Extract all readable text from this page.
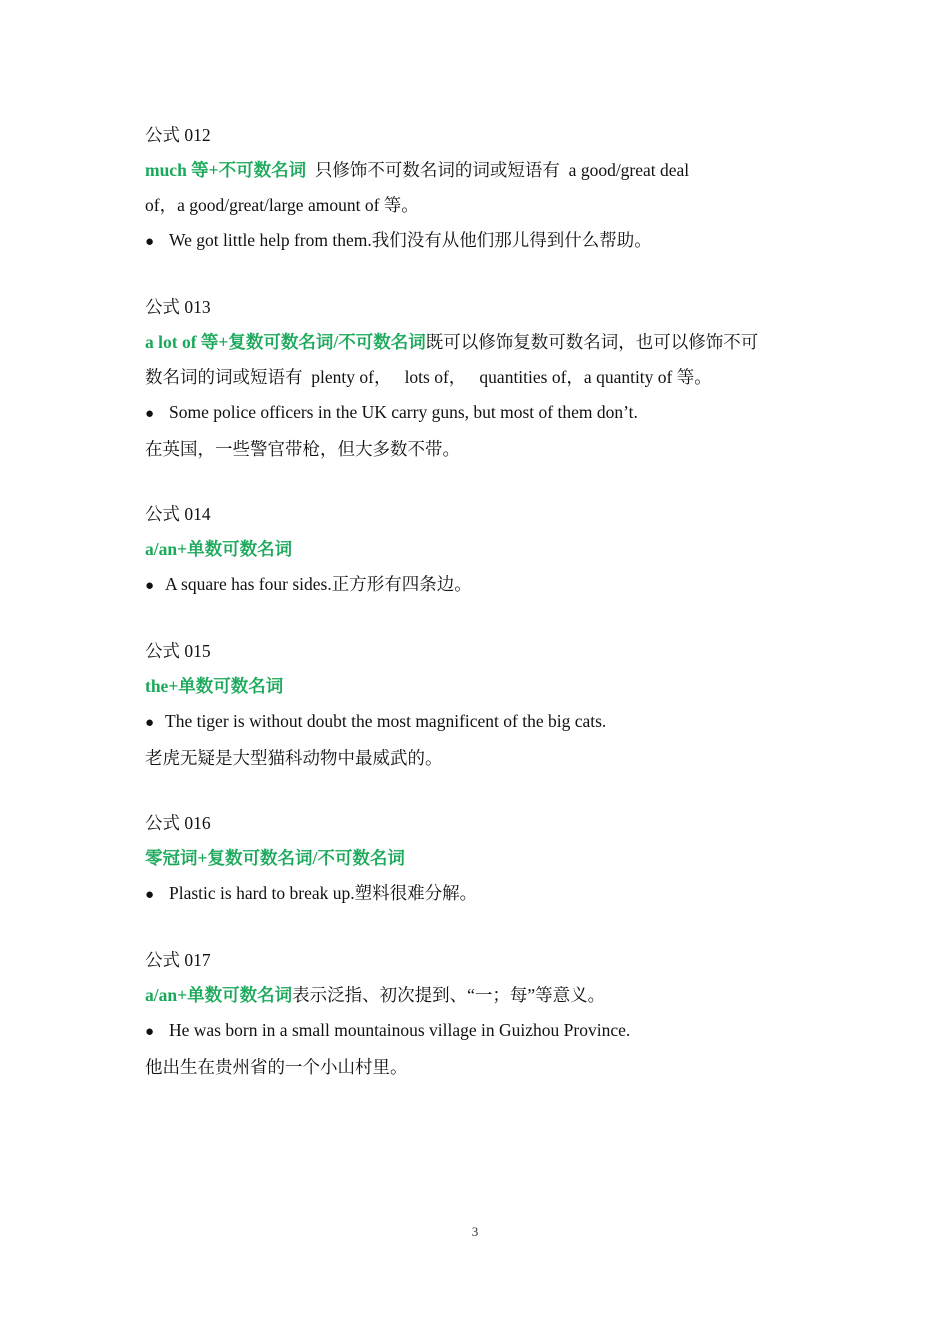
公式 012
much 等+不可数名词  只修饰不可数名词的词或短语有  a good/great deal
of，a good/great/large amount of 等。
● We got little help from them.我们没有从他们那儿得到什么帮助。
公式 013
a lot of 等+复数可数名词/不可数名词既可以修饰复数可数名词，也可以修饰不可
数名词的词或短语有  plenty of，   lots of，   quantities of，a quantity of 等。
● Some police officers in the UK carry guns, but most of them don’t.
在英国，一些警官带枪，但大多数不带。
公式 014
a/an+单数可数名词
● A square has four sides.正方形有四条边。
公式 015
the+单数可数名词
● The tiger is without doubt the most magnificent of the big cats.
老虎无疑是大型猫科动物中最威武的。
公式 016
零冠词+复数可数名词/不可数名词
● Plastic is hard to break up.塑料很难分解。
公式 017
a/an+单数可数名词表示泛指、初次提到、“一；每”等意义。
● He was born in a small mountainous village in Guizhou Province.
他出生在贵州省的一个小山村里。
3
